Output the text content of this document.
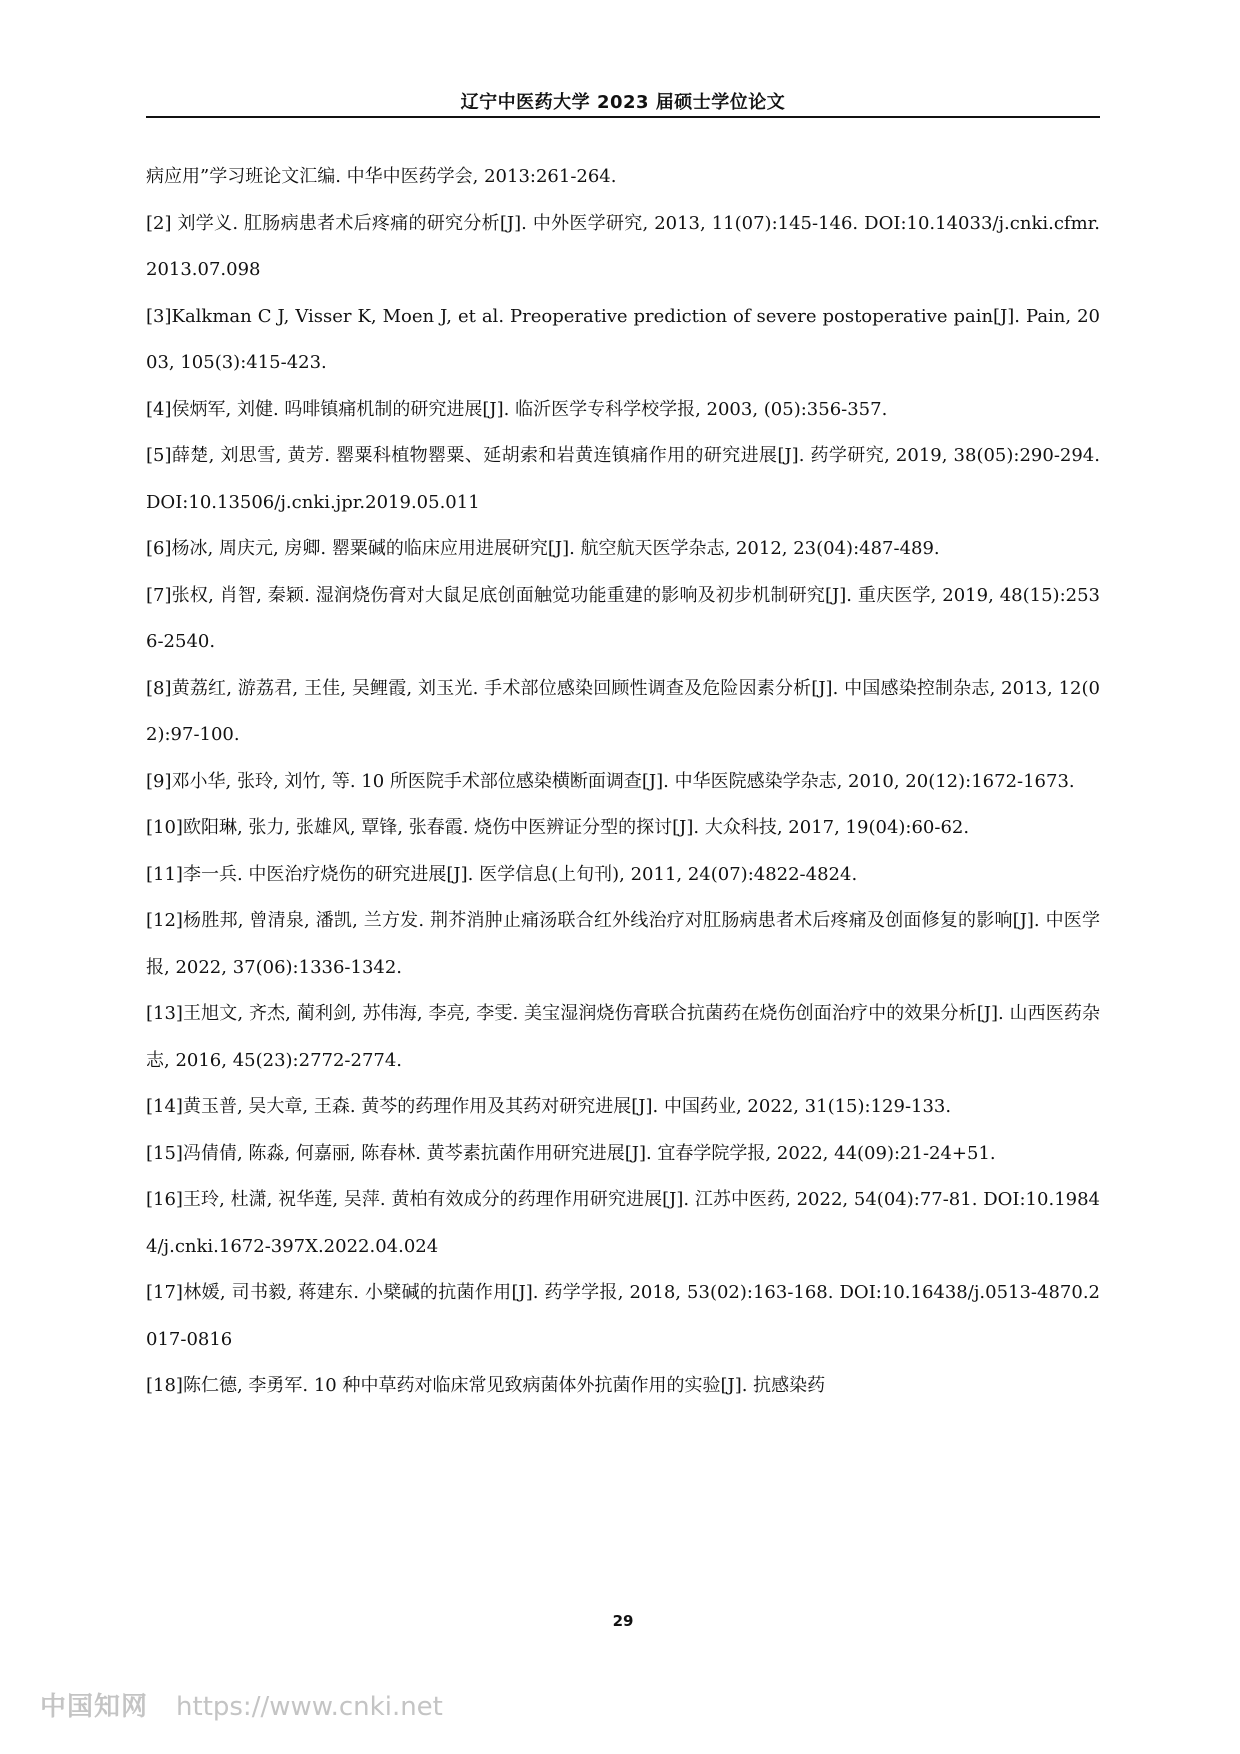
辽宁中医药大学 2023 届硕士学位论文
病应用”学习班论文汇编. 中华中医药学会, 2013:261-264.
[2] 刘学义. 肛肠病患者术后疼痛的研究分析[J]. 中外医学研究, 2013, 11(07):145-146. DOI:10.14033/j.cnki.cfmr.2013.07.098
[3]Kalkman C J, Visser K, Moen J, et al. Preoperative prediction of severe postoperative pain[J]. Pain, 2003, 105(3):415-423.
[4]侯炳军, 刘健. 吗啡镇痛机制的研究进展[J]. 临沂医学专科学校学报, 2003, (05):356-357.
[5]薛楚, 刘思雪, 黄芳. 罂粟科植物罂粟、延胡索和岩黄连镇痛作用的研究进展[J]. 药学研究, 2019, 38(05):290-294. DOI:10.13506/j.cnki.jpr.2019.05.011
[6]杨冰, 周庆元, 房卿. 罂粟碱的临床应用进展研究[J]. 航空航天医学杂志, 2012, 23(04):487-489.
[7]张权, 肖智, 秦颖. 湿润烧伤膏对大鼠足底创面触觉功能重建的影响及初步机制研究[J]. 重庆医学, 2019, 48(15):2536-2540.
[8]黄荔红, 游荔君, 王佳, 吴鲤霞, 刘玉光. 手术部位感染回顾性调查及危险因素分析[J]. 中国感染控制杂志, 2013, 12(02):97-100.
[9]邓小华, 张玲, 刘竹, 等. 10 所医院手术部位感染横断面调查[J]. 中华医院感染学杂志, 2010, 20(12):1672-1673.
[10]欧阳琳, 张力, 张雄风, 覃锋, 张春霞. 烧伤中医辨证分型的探讨[J]. 大众科技, 2017, 19(04):60-62.
[11]李一兵. 中医治疗烧伤的研究进展[J]. 医学信息(上旬刊), 2011, 24(07):4822-4824.
[12]杨胜邦, 曾清泉, 潘凯, 兰方发. 荆芥消肿止痛汤联合红外线治疗对肛肠病患者术后疼痛及创面修复的影响[J]. 中医学报, 2022, 37(06):1336-1342.
[13]王旭文, 齐杰, 蔺利剑, 苏伟海, 李亮, 李雯. 美宝湿润烧伤膏联合抗菌药在烧伤创面治疗中的效果分析[J]. 山西医药杂志, 2016, 45(23):2772-2774.
[14]黄玉普, 吴大章, 王森. 黄芩的药理作用及其药对研究进展[J]. 中国药业, 2022, 31(15):129-133.
[15]冯倩倩, 陈淼, 何嘉丽, 陈春林. 黄芩素抗菌作用研究进展[J]. 宜春学院学报, 2022, 44(09):21-24+51.
[16]王玲, 杜潇, 祝华莲, 吴萍. 黄柏有效成分的药理作用研究进展[J]. 江苏中医药, 2022, 54(04):77-81. DOI:10.19844/j.cnki.1672-397X.2022.04.024
[17]林媛, 司书毅, 蒋建东. 小檗碱的抗菌作用[J]. 药学学报, 2018, 53(02):163-168. DOI:10.16438/j.0513-4870.2017-0816
[18]陈仁德, 李勇军. 10 种中草药对临床常见致病菌体外抗菌作用的实验[J]. 抗感染药
29
中国知网 https://www.cnki.net
